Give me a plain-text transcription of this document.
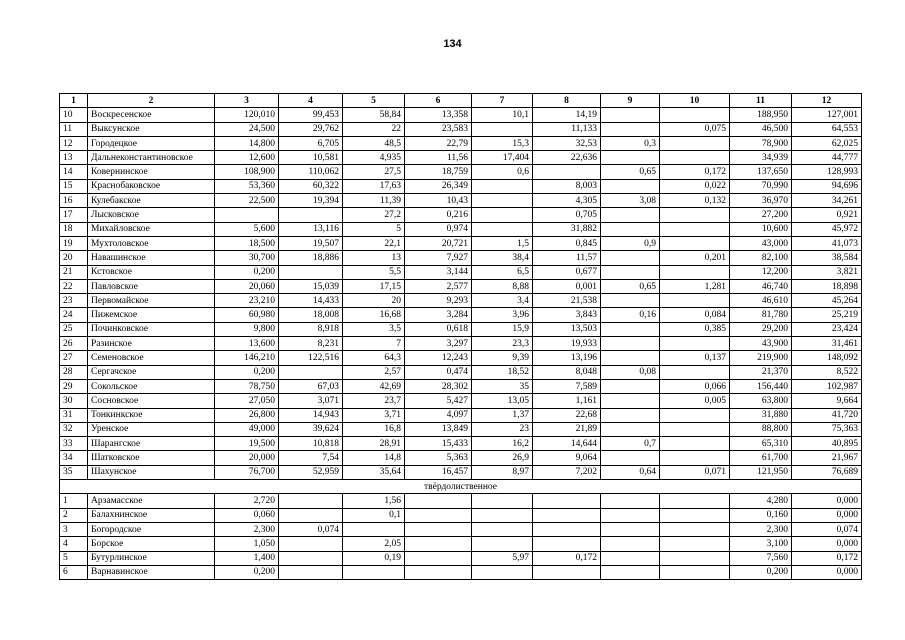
134
1	2	3	4	5	6	7	8	9	10	11	12
10	Воскресенское	120,010	99,453	58,84	13,358	10,1	14,19			188,950	127,001
11	Выксунское	24,500	29,762	22	23,583		11,133		0,075	46,500	64,553
12	Городецкое	14,800	6,705	48,5	22,79	15,3	32,53	0,3		78,900	62,025
13	Дальнеконстантиновское	12,600	10,581	4,935	11,56	17,404	22,636			34,939	44,777
14	Ковернинское	108,900	110,062	27,5	18,759	0,6		0,65	0,172	137,650	128,993
15	Краснобаковское	53,360	60,322	17,63	26,349		8,003		0,022	70,990	94,696
16	Кулебакское	22,500	19,394	11,39	10,43		4,305	3,08	0,132	36,970	34,261
17	Лысковское			27,2	0,216		0,705			27,200	0,921
18	Михайловское	5,600	13,116	5	0,974		31,882			10,600	45,972
19	Мухтоловское	18,500	19,507	22,1	20,721	1,5	0,845	0,9		43,000	41,073
20	Навашинское	30,700	18,886	13	7,927	38,4	11,57		0,201	82,100	38,584
21	Кстовское	0,200		5,5	3,144	6,5	0,677			12,200	3,821
22	Павловское	20,060	15,039	17,15	2,577	8,88	0,001	0,65	1,281	46,740	18,898
23	Первомайское	23,210	14,433	20	9,293	3,4	21,538			46,610	45,264
24	Пижемское	60,980	18,008	16,68	3,284	3,96	3,843	0,16	0,084	81,780	25,219
25	Починковское	9,800	8,918	3,5	0,618	15,9	13,503		0,385	29,200	23,424
26	Разинское	13,600	8,231	7	3,297	23,3	19,933			43,900	31,461
27	Семеновское	146,210	122,516	64,3	12,243	9,39	13,196		0,137	219,900	148,092
28	Сергачское	0,200		2,57	0,474	18,52	8,048	0,08		21,370	8,522
29	Сокольское	78,750	67,03	42,69	28,302	35	7,589		0,066	156,440	102,987
30	Сосновское	27,050	3,071	23,7	5,427	13,05	1,161		0,005	63,800	9,664
31	Тонкинкское	26,800	14,943	3,71	4,097	1,37	22,68			31,880	41,720
32	Уренское	49,000	39,624	16,8	13,849	23	21,89			88,800	75,363
33	Шарангское	19,500	10,818	28,91	15,433	16,2	14,644	0,7		65,310	40,895
34	Шатковское	20,000	7,54	14,8	5,363	26,9	9,064			61,700	21,967
35	Шахунское	76,700	52,959	35,64	16,457	8,97	7,202	0,64	0,071	121,950	76,689
твёрдолиственное											
1	Арзамасское	2,720		1,56						4,280	0,000
2	Балахнинское	0,060		0,1						0,160	0,000
3	Богородское	2,300	0,074							2,300	0,074
4	Борское	1,050		2,05						3,100	0,000
5	Бутурлинское	1,400		0,19		5,97	0,172			7,560	0,172
6	Варнавинское	0,200								0,200	0,000
